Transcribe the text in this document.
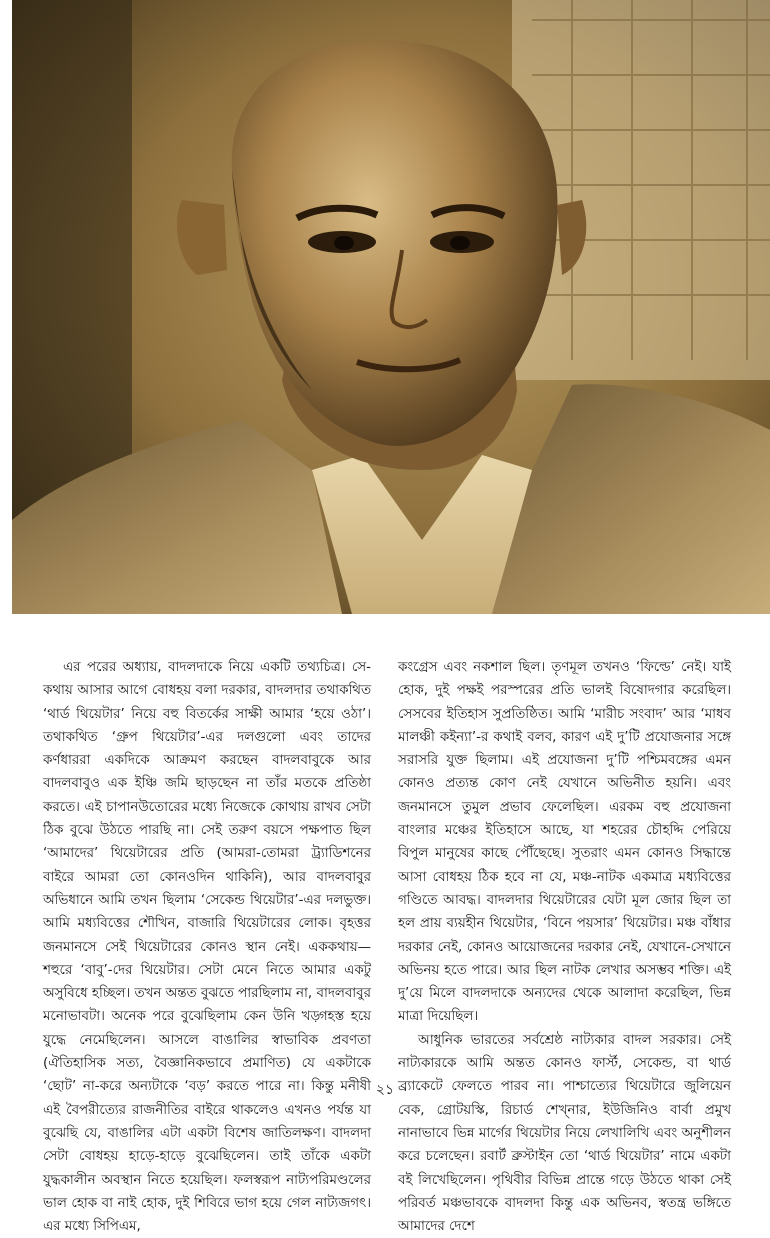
এর পরের অধ্যায়, বাদলদাকে নিয়ে একটি তথ্যচিত্র। সে-কথায় আসার আগে বোধহয় বলা দরকার, বাদলদার তথাকথিত ‘থার্ড থিয়েটার’ নিয়ে বহু বিতর্কের সাক্ষী আমার ‘হয়ে ওঠা’। তথাকথিত ‘গ্রুপ থিয়েটার’-এর দলগুলো এবং তাদের কর্ণধাররা একদিকে আক্রমণ করছেন বাদলবাবুকে আর বাদলবাবুও এক ইঞ্চি জমি ছাড়ছেন না তাঁর মতকে প্রতিষ্ঠা করতে। এই চাপানউতোরের মধ্যে নিজেকে কোথায় রাখব সেটা ঠিক বুঝে উঠতে পারছি না। সেই তরুণ বয়সে পক্ষপাত ছিল ‘আমাদের’ থিয়েটারের প্রতি (আমরা-তোমরা ট্র্যাডিশনের বাইরে আমরা তো কোনওদিন থাকিনি), আর বাদলবাবুর অভিধানে আমি তখন ছিলাম ‘সেকেন্ড থিয়েটার’-এর দলভুক্ত। আমি মধ্যবিত্তের শৌখিন, বাজারি থিয়েটারের লোক। বৃহত্তর জনমানসে সেই থিয়েটারের কোনও স্থান নেই। এককথায়—শহুরে ‘বাবু’-দের থিয়েটার। সেটা মেনে নিতে আমার একটু অসুবিধে হচ্ছিল। তখন অন্তত বুঝতে পারছিলাম না, বাদলবাবুর মনোভাবটা। অনেক পরে বুঝেছিলাম কেন উনি খড়্গহস্ত হয়ে যুদ্ধে নেমেছিলেন। আসলে বাঙালির স্বাভাবিক প্রবণতা (ঐতিহাসিক সত্য, বৈজ্ঞানিকভাবে প্রমাণিত) যে একটাকে ‘ছোট’ না-করে অন্যটাকে ‘বড়’ করতে পারে না। কিন্তু মনীষী এই বৈপরীত্যের রাজনীতির বাইরে থাকলেও এখনও পর্যন্ত যা বুঝেছি যে, বাঙালির এটা একটা বিশেষ জাতিলক্ষণ। বাদলদা সেটা বোধহয় হাড়ে-হাড়ে বুঝেছিলেন। তাই তাঁকে একটা যুদ্ধকালীন অবস্থান নিতে হয়েছিল। ফলস্বরূপ নাট্যপরিমণ্ডলের ভাল হোক বা নাই হোক, দুই শিবিরে ভাগ হয়ে গেল নাট্যজগৎ। এর মধ্যে সিপিএম,

কংগ্রেস এবং নকশাল ছিল। তৃণমূল তখনও ‘ফিল্ডে’ নেই। যাই হোক, দুই পক্ষই পরস্পরের প্রতি ভালই বিষোদগার করেছিল। সেসবের ইতিহাস সুপ্রতিষ্ঠিত। আমি ‘মারীচ সংবাদ’ আর ‘মাধব মালঞ্চী কইন্যা’-র কথাই বলব, কারণ এই দু’টি প্রযোজনার সঙ্গে সরাসরি যুক্ত ছিলাম। এই প্রযোজনা দু’টি পশ্চিমবঙ্গের এমন কোনও প্রত্যন্ত কোণ নেই যেখানে অভিনীত হয়নি। এবং জনমানসে তুমুল প্রভাব ফেলেছিল। এরকম বহু প্রযোজনা বাংলার মঞ্চের ইতিহাসে আছে, যা শহরের চৌহদ্দি পেরিয়ে বিপুল মানুষের কাছে পৌঁছেছে। সুতরাং এমন কোনও সিদ্ধান্তে আসা বোধহয় ঠিক হবে না যে, মঞ্চ-নাটক একমাত্র মধ্যবিত্তের গণ্ডিতে আবদ্ধ। বাদলদার থিয়েটারের যেটা মূল জোর ছিল তা হল প্রায় ব্যয়হীন থিয়েটার, ‘বিনে পয়সার’ থিয়েটার। মঞ্চ বাঁধার দরকার নেই, কোনও আয়োজনের দরকার নেই, যেখানে-সেখানে অভিনয় হতে পারে। আর ছিল নাটক লেখার অসম্ভব শক্তি। এই দু’য়ে মিলে বাদলদাকে অন্যদের থেকে আলাদা করেছিল, ভিন্ন মাত্রা দিয়েছিল।

আধুনিক ভারতের সর্বশ্রেষ্ঠ নাট্যকার বাদল সরকার। সেই নাট্যকারকে আমি অন্তত কোনও ফার্স্ট, সেকেন্ড, বা থার্ড ব্র্যাকেটে ফেলতে পারব না। পাশ্চাত্যের থিয়েটারে জুলিয়েন বেক, গ্রোটয়স্কি, রিচার্ড শেখ্নার, ইউজিনিও বার্বা প্রমুখ নানাভাবে ভিন্ন মার্গের থিয়েটার নিয়ে লেখালিখি এবং অনুশীলন করে চলেছেন। রবার্ট ব্রুস্টাইন তো ‘থার্ড থিয়েটার’ নামে একটা বই লিখেছিলেন। পৃথিবীর বিভিন্ন প্রান্তে গড়ে উঠতে থাকা সেই পরিবর্ত মঞ্চভাবকে বাদলদা কিন্তু এক অভিনব, স্বতন্ত্র ভঙ্গিতে আমাদের দেশে

২১
